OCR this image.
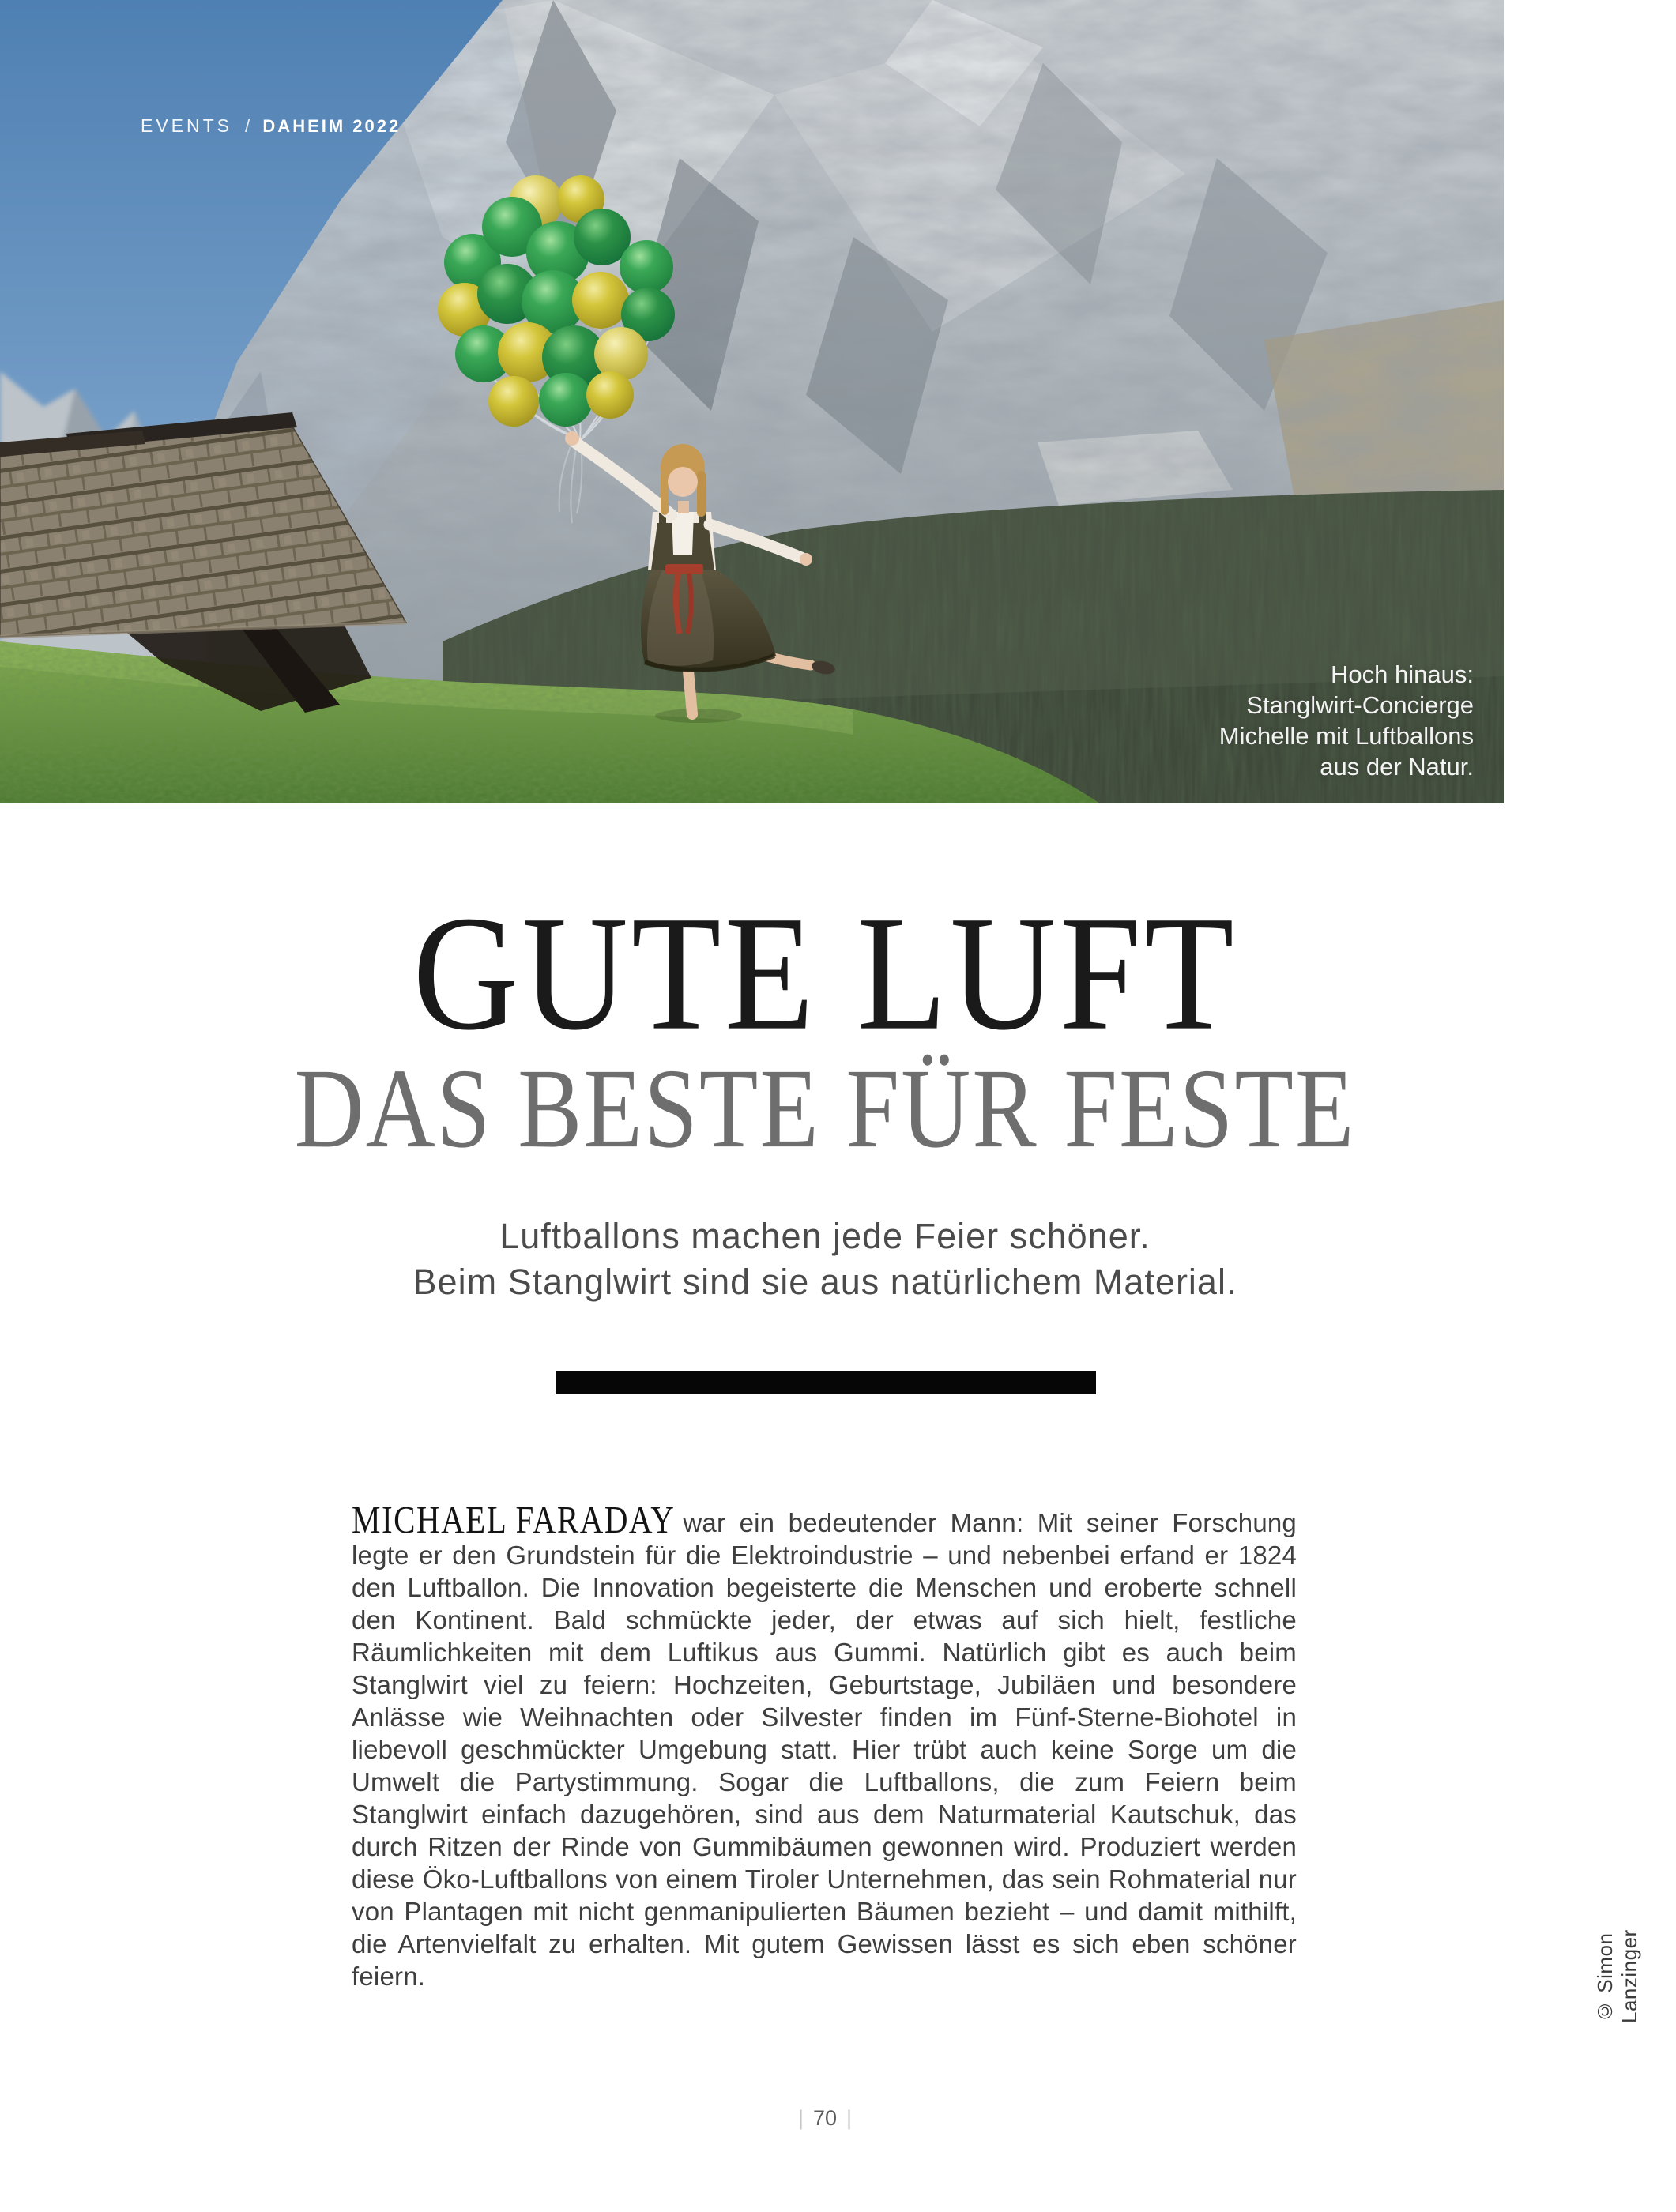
EVENTS / DAHEIM 2022
Hoch hinaus:
Stanglwirt-Concierge
Michelle mit Luftballons
aus der Natur.
GUTE LUFT
DAS BESTE FÜR FESTE
Luftballons machen jede Feier schöner.
Beim Stanglwirt sind sie aus natürlichem Material.

MICHAEL FARADAY war ein bedeutender Mann: Mit seiner Forschung legte er den Grundstein für die Elektroindustrie – und nebenbei erfand er 1824 den Luftballon. Die Innovation begeisterte die Menschen und eroberte schnell den Kontinent. Bald schmückte jeder, der etwas auf sich hielt, festliche Räumlichkeiten mit dem Luftikus aus Gummi. Natürlich gibt es auch beim Stanglwirt viel zu feiern: Hochzeiten, Geburtstage, Jubiläen und besondere Anlässe wie Weihnachten oder Silvester finden im Fünf-Sterne-Biohotel in liebevoll geschmückter Umgebung statt. Hier trübt auch keine Sorge um die Umwelt die Partystimmung. Sogar die Luftballons, die zum Feiern beim Stanglwirt einfach dazugehören, sind aus dem Naturmaterial Kautschuk, das durch Ritzen der Rinde von Gummibäumen gewonnen wird. Produziert werden diese Öko-Luftballons von einem Tiroler Unternehmen, das sein Rohmaterial nur von Plantagen mit nicht genmanipulierten Bäumen bezieht – und damit mithilft, die Artenvielfalt zu erhalten. Mit gutem Gewissen lässt es sich eben schöner feiern.	© Simon Lanzinger
| 70 |
